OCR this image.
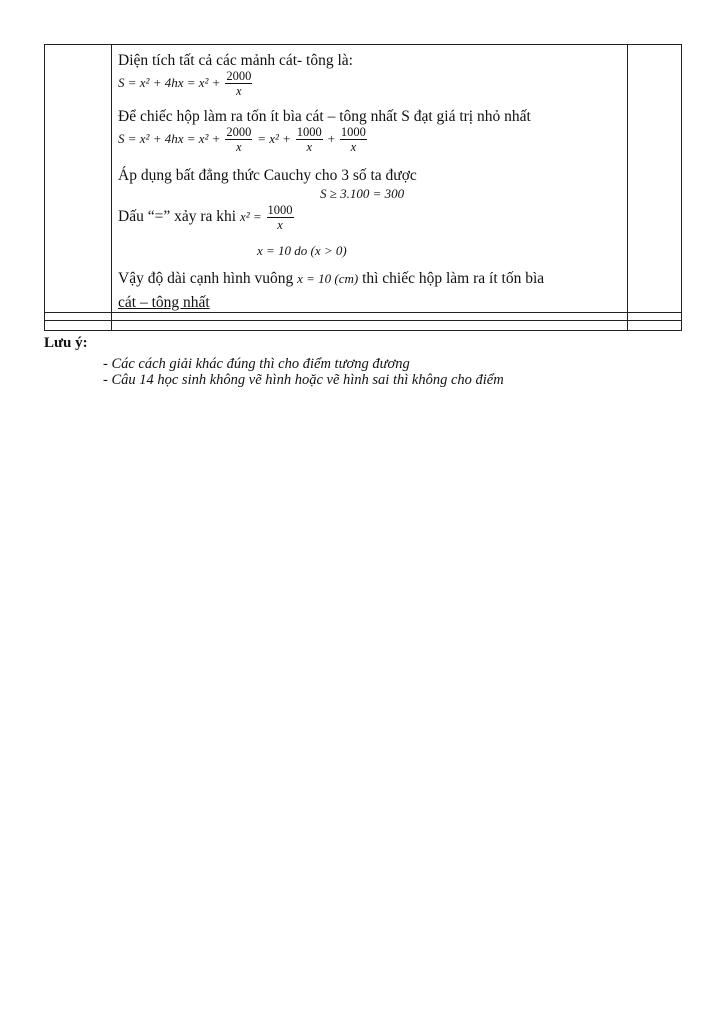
Diện tích tất cả các mảnh cát- tông là:
$S = x^2 + 4hx = x^2 + \frac{2000}{x}$
Để chiếc hộp làm ra tốn ít bìa cát – tông nhất S đạt giá trị nhỏ nhất
$S = x^2 + 4hx = x^2 + \frac{2000}{x} = x^2 + \frac{1000}{x} + \frac{1000}{x}$
Áp dụng bất đẳng thức Cauchy cho 3 số ta được
S ≥ 3.100 = 300
Dấu “=” xảy ra khi $x^2 = \frac{1000}{x}$
x = 10 do (x > 0)
Vậy độ dài cạnh hình vuông x = 10 (cm) thì chiếc hộp làm ra ít tốn bìa
cát – tông nhất
Lưu ý:
- Các cách giải khác đúng thì cho điểm tương đương
- Câu 14 học sinh không vẽ hình hoặc vẽ hình sai thì không cho điểm
